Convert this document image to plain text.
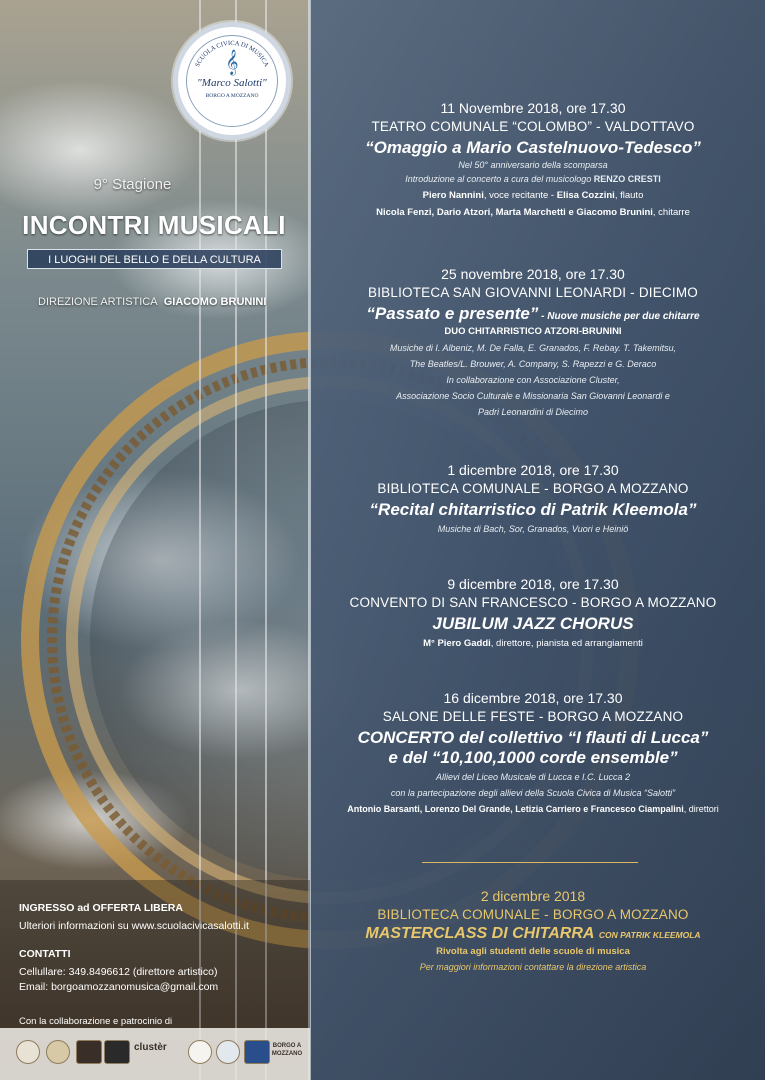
SCUOLA CIVICA DI MUSICA
𝄞
"Marco Salotti"
BORGO A MOZZANO
9° Stagione
INCONTRI MUSICALI
I LUOGHI DEL BELLO E DELLA CULTURA
DIREZIONE ARTISTICA GIACOMO BRUNINI
11 Novembre 2018, ore 17.30
TEATRO COMUNALE “COLOMBO” - VALDOTTAVO
“Omaggio a Mario Castelnuovo-Tedesco”
Nel 50° anniversario della scomparsa
Introduzione al concerto a cura del musicologo RENZO CRESTI
Piero Nannini, voce recitante - Elisa Cozzini, flauto
Nicola Fenzi, Dario Atzori, Marta Marchetti e Giacomo Brunini, chitarre
25 novembre 2018, ore 17.30
BIBLIOTECA SAN GIOVANNI LEONARDI - DIECIMO
“Passato e presente” - Nuove musiche per due chitarre
DUO CHITARRISTICO ATZORI-BRUNINI
Musiche di I. Albeniz, M. De Falla, E. Granados, F. Rebay. T. Takemitsu,
The Beatles/L. Brouwer, A. Company, S. Rapezzi e G. Deraco
In collaborazione con Associazione Cluster,
Associazione Socio Culturale e Missionaria San Giovanni Leonardi e
Padri Leonardini di Diecimo
1 dicembre 2018, ore 17.30
BIBLIOTECA COMUNALE - BORGO A MOZZANO
“Recital chitarristico di Patrik Kleemola”
Musiche di Bach, Sor, Granados, Vuori e Heiniö
9 dicembre 2018, ore 17.30
CONVENTO DI SAN FRANCESCO - BORGO A MOZZANO
JUBILUM JAZZ CHORUS
M° Piero Gaddi, direttore, pianista ed arrangiamenti
16 dicembre 2018, ore 17.30
SALONE DELLE FESTE - BORGO A MOZZANO
CONCERTO del collettivo “I flauti di Lucca”
e del “10,100,1000 corde ensemble”
Allievi del Liceo Musicale di Lucca e I.C. Lucca 2
con la partecipazione degli allievi della Scuola Civica di Musica “Salotti”
Antonio Barsanti, Lorenzo Del Grande, Letizia Carriero e Francesco Ciampalini, direttori
2 dicembre 2018
BIBLIOTECA COMUNALE - BORGO A MOZZANO
MASTERCLASS DI CHITARRA CON PATRIK KLEEMOLA
Rivolta agli studenti delle scuole di musica
Per maggiori informazioni contattare la direzione artistica
INGRESSO ad OFFERTA LIBERA
Ulteriori informazioni su www.scuolacivicasalotti.it
CONTATTI
Cellullare: 349.8496612 (direttore artistico)
Email: borgoamozzanomusica@gmail.com
Con la collaborazione e patrocinio di
clustèr	BORGO A MOZZANO
